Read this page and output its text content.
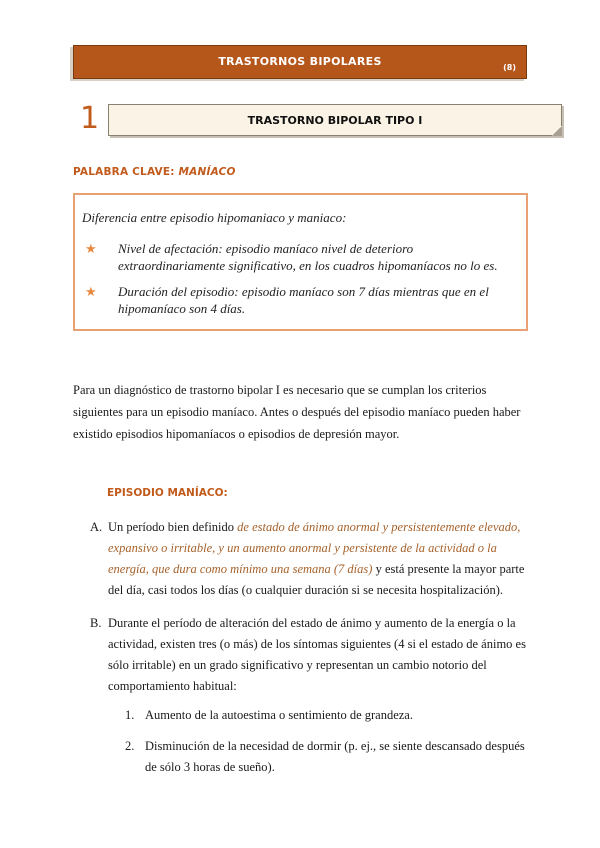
TRASTORNOS BIPOLARES	(8)
1	TRASTORNO BIPOLAR TIPO I
PALABRA CLAVE: MANÍACO
Diferencia entre episodio hipomaniaco y maniaco:
★ Nivel de afectación: episodio maníaco nivel de deterioro extraordinariamente significativo, en los cuadros hipomaníacos no lo es.
★ Duración del episodio: episodio maníaco son 7 días mientras que en el hipomaníaco son 4 días.
Para un diagnóstico de trastorno bipolar I es necesario que se cumplan los criterios siguientes para un episodio maníaco. Antes o después del episodio maníaco pueden haber existido episodios hipomaníacos o episodios de depresión mayor.
EPISODIO MANÍACO:
A. Un período bien definido de estado de ánimo anormal y persistentemente elevado, expansivo o irritable, y un aumento anormal y persistente de la actividad o la energía, que dura como mínimo una semana (7 días) y está presente la mayor parte del día, casi todos los días (o cualquier duración si se necesita hospitalización).
B. Durante el período de alteración del estado de ánimo y aumento de la energía o la actividad, existen tres (o más) de los síntomas siguientes (4 si el estado de ánimo es sólo irritable) en un grado significativo y representan un cambio notorio del comportamiento habitual:
1. Aumento de la autoestima o sentimiento de grandeza.
2. Disminución de la necesidad de dormir (p. ej., se siente descansado después de sólo 3 horas de sueño).
